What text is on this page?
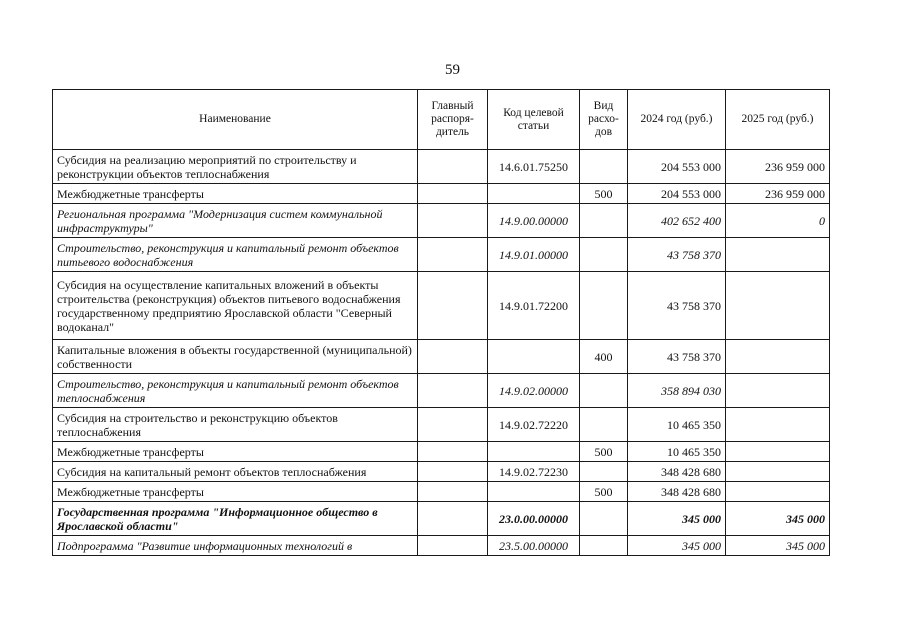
59
Наименование	Главный распоря- дитель	Код целевой статьи	Вид расхо- дов	2024 год (руб.)	2025 год (руб.)
Субсидия на реализацию мероприятий по строительству и реконструкции объектов теплоснабжения		14.6.01.75250		204 553 000	236 959 000
Межбюджетные трансферты			500	204 553 000	236 959 000
Региональная программа "Модернизация систем коммунальной инфраструктуры"		14.9.00.00000		402 652 400	0
Строительство, реконструкция и капитальный ремонт объектов питьевого водоснабжения		14.9.01.00000		43 758 370	
Субсидия на осуществление капитальных вложений в объекты строительства (реконструкция) объектов питьевого водоснабжения государственному предприятию Ярославской области "Северный водоканал"		14.9.01.72200		43 758 370	
Капитальные вложения в объекты государственной (муниципальной) собственности			400	43 758 370	
Строительство, реконструкция и капитальный ремонт объектов теплоснабжения		14.9.02.00000		358 894 030	
Субсидия на строительство и реконструкцию объектов теплоснабжения		14.9.02.72220		10 465 350	
Межбюджетные трансферты			500	10 465 350	
Субсидия на капитальный ремонт объектов теплоснабжения		14.9.02.72230		348 428 680	
Межбюджетные трансферты			500	348 428 680	
Государственная программа "Информационное общество в Ярославской области"		23.0.00.00000		345 000	345 000
Подпрограмма "Развитие информационных технологий в		23.5.00.00000		345 000	345 000
